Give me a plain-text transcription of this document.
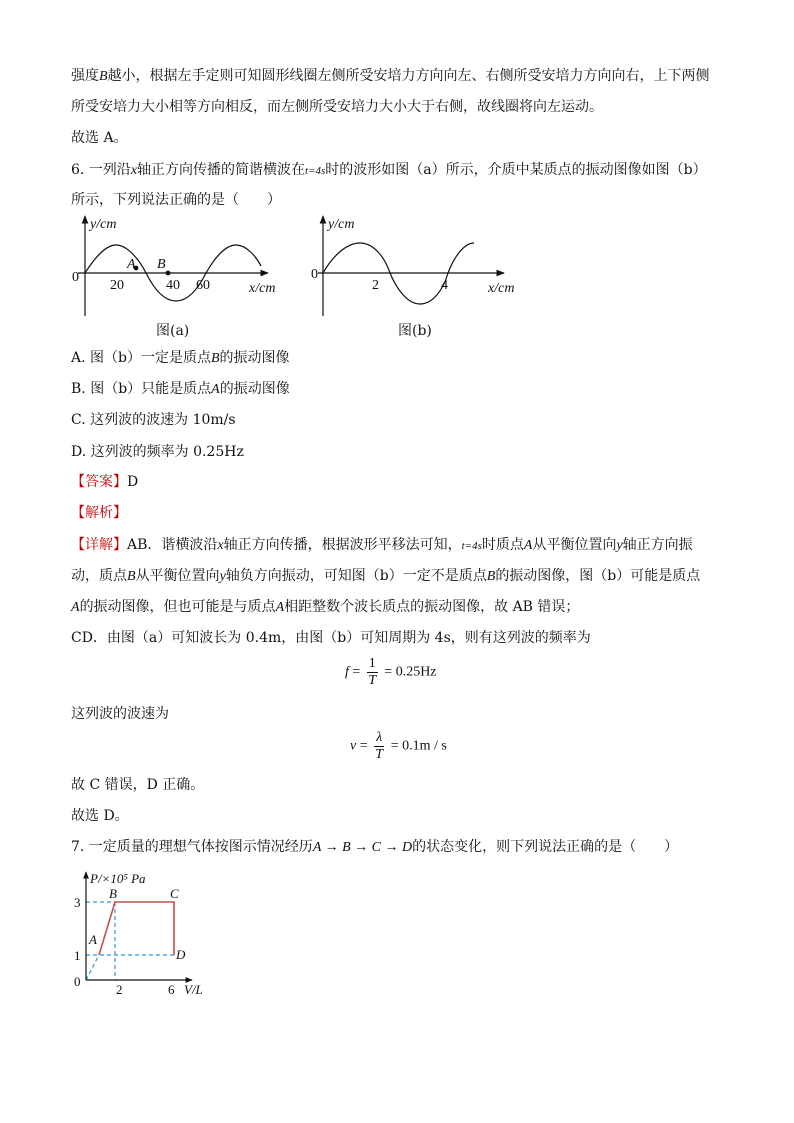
强度B越小，根据左手定则可知圆形线圈左侧所受安培力方向向左、右侧所受安培力方向向右，上下两侧
所受安培力大小相等方向相反，而左侧所受安培力大小大于右侧，故线圈将向左运动。
故选 A。
6. 一列沿x轴正方向传播的简谐横波在t=4s时的波形如图（a）所示，介质中某质点的振动图像如图（b）
所示，下列说法正确的是（　　）
y/cm
x/cm
0
A B
20	40 60
图(a)
y/cm
x/cm
0
2	4
图(b)
A. 图（b）一定是质点B的振动图像
B. 图（b）只能是质点A的振动图像
C. 这列波的波速为 10m/s
D. 这列波的频率为 0.25Hz
【答案】D
【解析】
【详解】AB．谐横波沿x轴正方向传播，根据波形平移法可知，t=4s时质点A从平衡位置向y轴正方向振
动，质点B从平衡位置向y轴负方向振动，可知图（b）一定不是质点B的振动图像，图（b）可能是质点
A的振动图像，但也可能是与质点A相距整数个波长质点的振动图像，故 AB 错误；
CD．由图（a）可知波长为 0.4m，由图（b）可知周期为 4s，则有这列波的频率为
$f = \frac{1}{T} = 0.25Hz$
这列波的波速为
$v = \frac{\lambda}{T} = 0.1m / s$
故 C 错误，D 正确。
故选 D。
7. 一定质量的理想气体按图示情况经历A → B → C → D的状态变化，则下列说法正确的是（　　）
P/×10⁵ Pa
V/L
0
3
1
2	6
A
B	C
D
